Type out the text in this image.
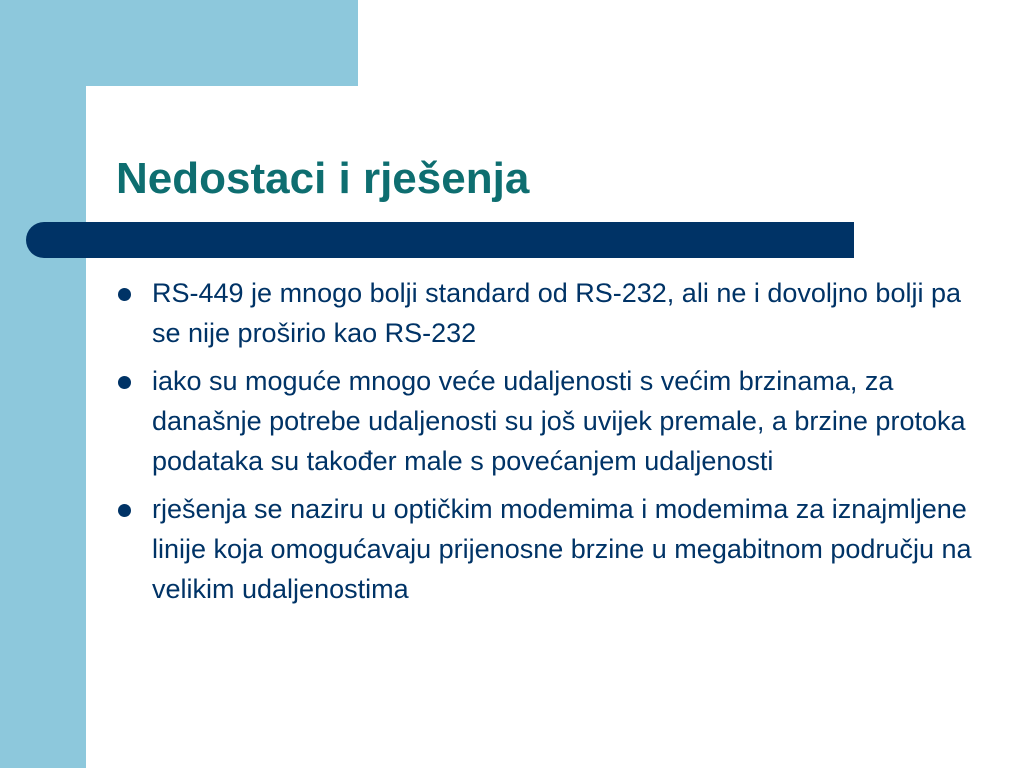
Nedostaci i rješenja
RS-449 je mnogo bolji standard od RS-232, ali ne i dovoljno bolji pa se nije proširio kao RS-232
iako su moguće mnogo veće udaljenosti s većim brzinama, za današnje potrebe udaljenosti su još uvijek premale, a brzine protoka podataka su također male s povećanjem udaljenosti
rješenja se naziru u optičkim modemima i modemima za iznajmljene linije koja omogućavaju prijenosne brzine u megabitnom području na velikim udaljenostima
